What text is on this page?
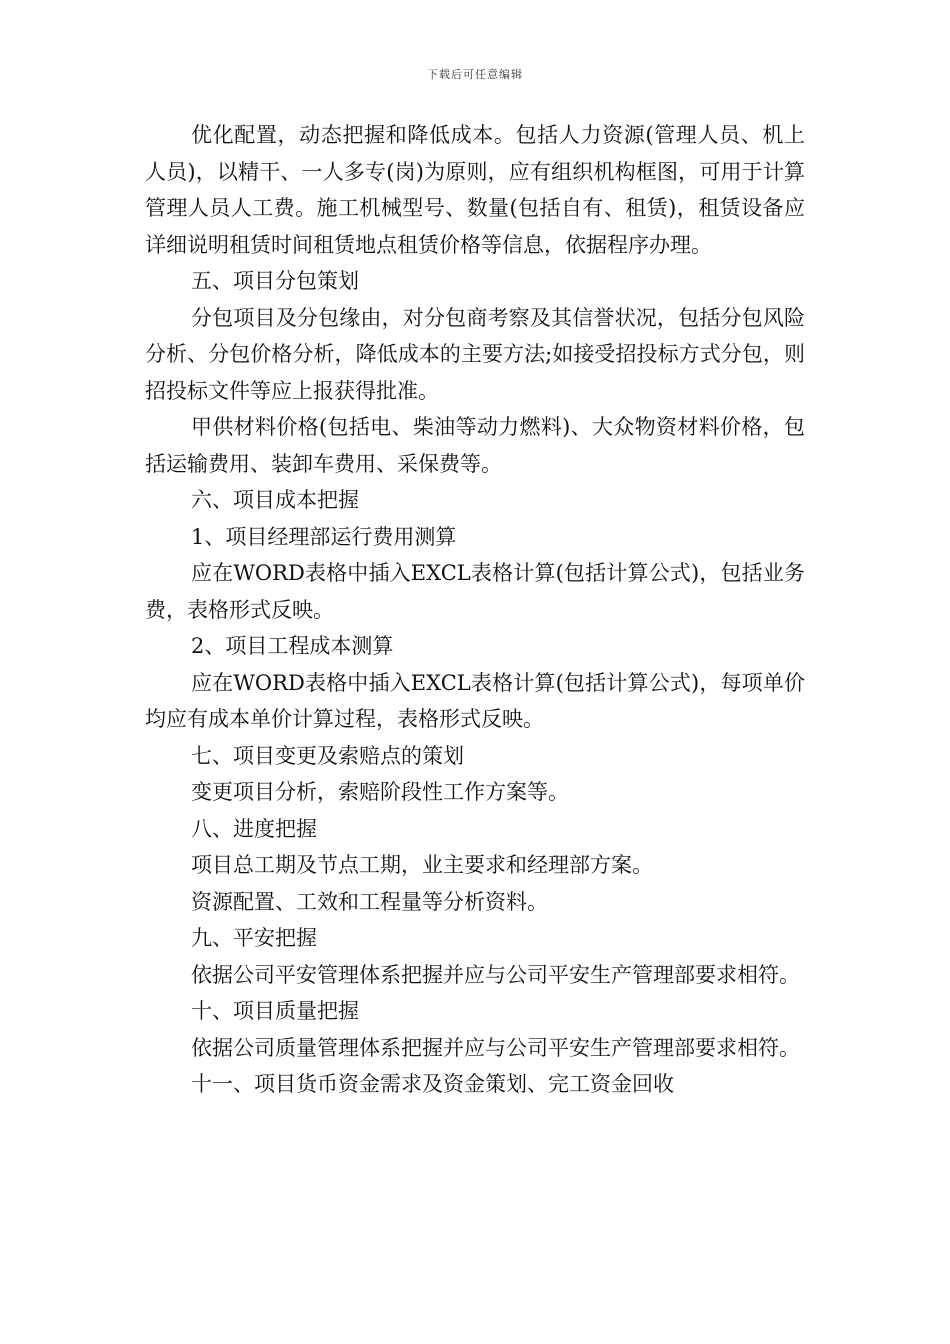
下载后可任意编辑

优化配置，动态把握和降低成本。包括人力资源(管理人员、机上人员)，以精干、一人多专(岗)为原则，应有组织机构框图，可用于计算管理人员人工费。施工机械型号、数量(包括自有、租赁)，租赁设备应详细说明租赁时间租赁地点租赁价格等信息，依据程序办理。

五、项目分包策划

分包项目及分包缘由，对分包商考察及其信誉状况，包括分包风险分析、分包价格分析，降低成本的主要方法;如接受招投标方式分包，则招投标文件等应上报获得批准。

甲供材料价格(包括电、柴油等动力燃料)、大众物资材料价格，包括运输费用、装卸车费用、采保费等。

六、项目成本把握

1、项目经理部运行费用测算

应在WORD表格中插入EXCL表格计算(包括计算公式)，包括业务费，表格形式反映。

2、项目工程成本测算

应在WORD表格中插入EXCL表格计算(包括计算公式)，每项单价均应有成本单价计算过程，表格形式反映。

七、项目变更及索赔点的策划

变更项目分析，索赔阶段性工作方案等。

八、进度把握

项目总工期及节点工期，业主要求和经理部方案。

资源配置、工效和工程量等分析资料。

九、平安把握

依据公司平安管理体系把握并应与公司平安生产管理部要求相符。

十、项目质量把握

依据公司质量管理体系把握并应与公司平安生产管理部要求相符。

十一、项目货币资金需求及资金策划、完工资金回收
